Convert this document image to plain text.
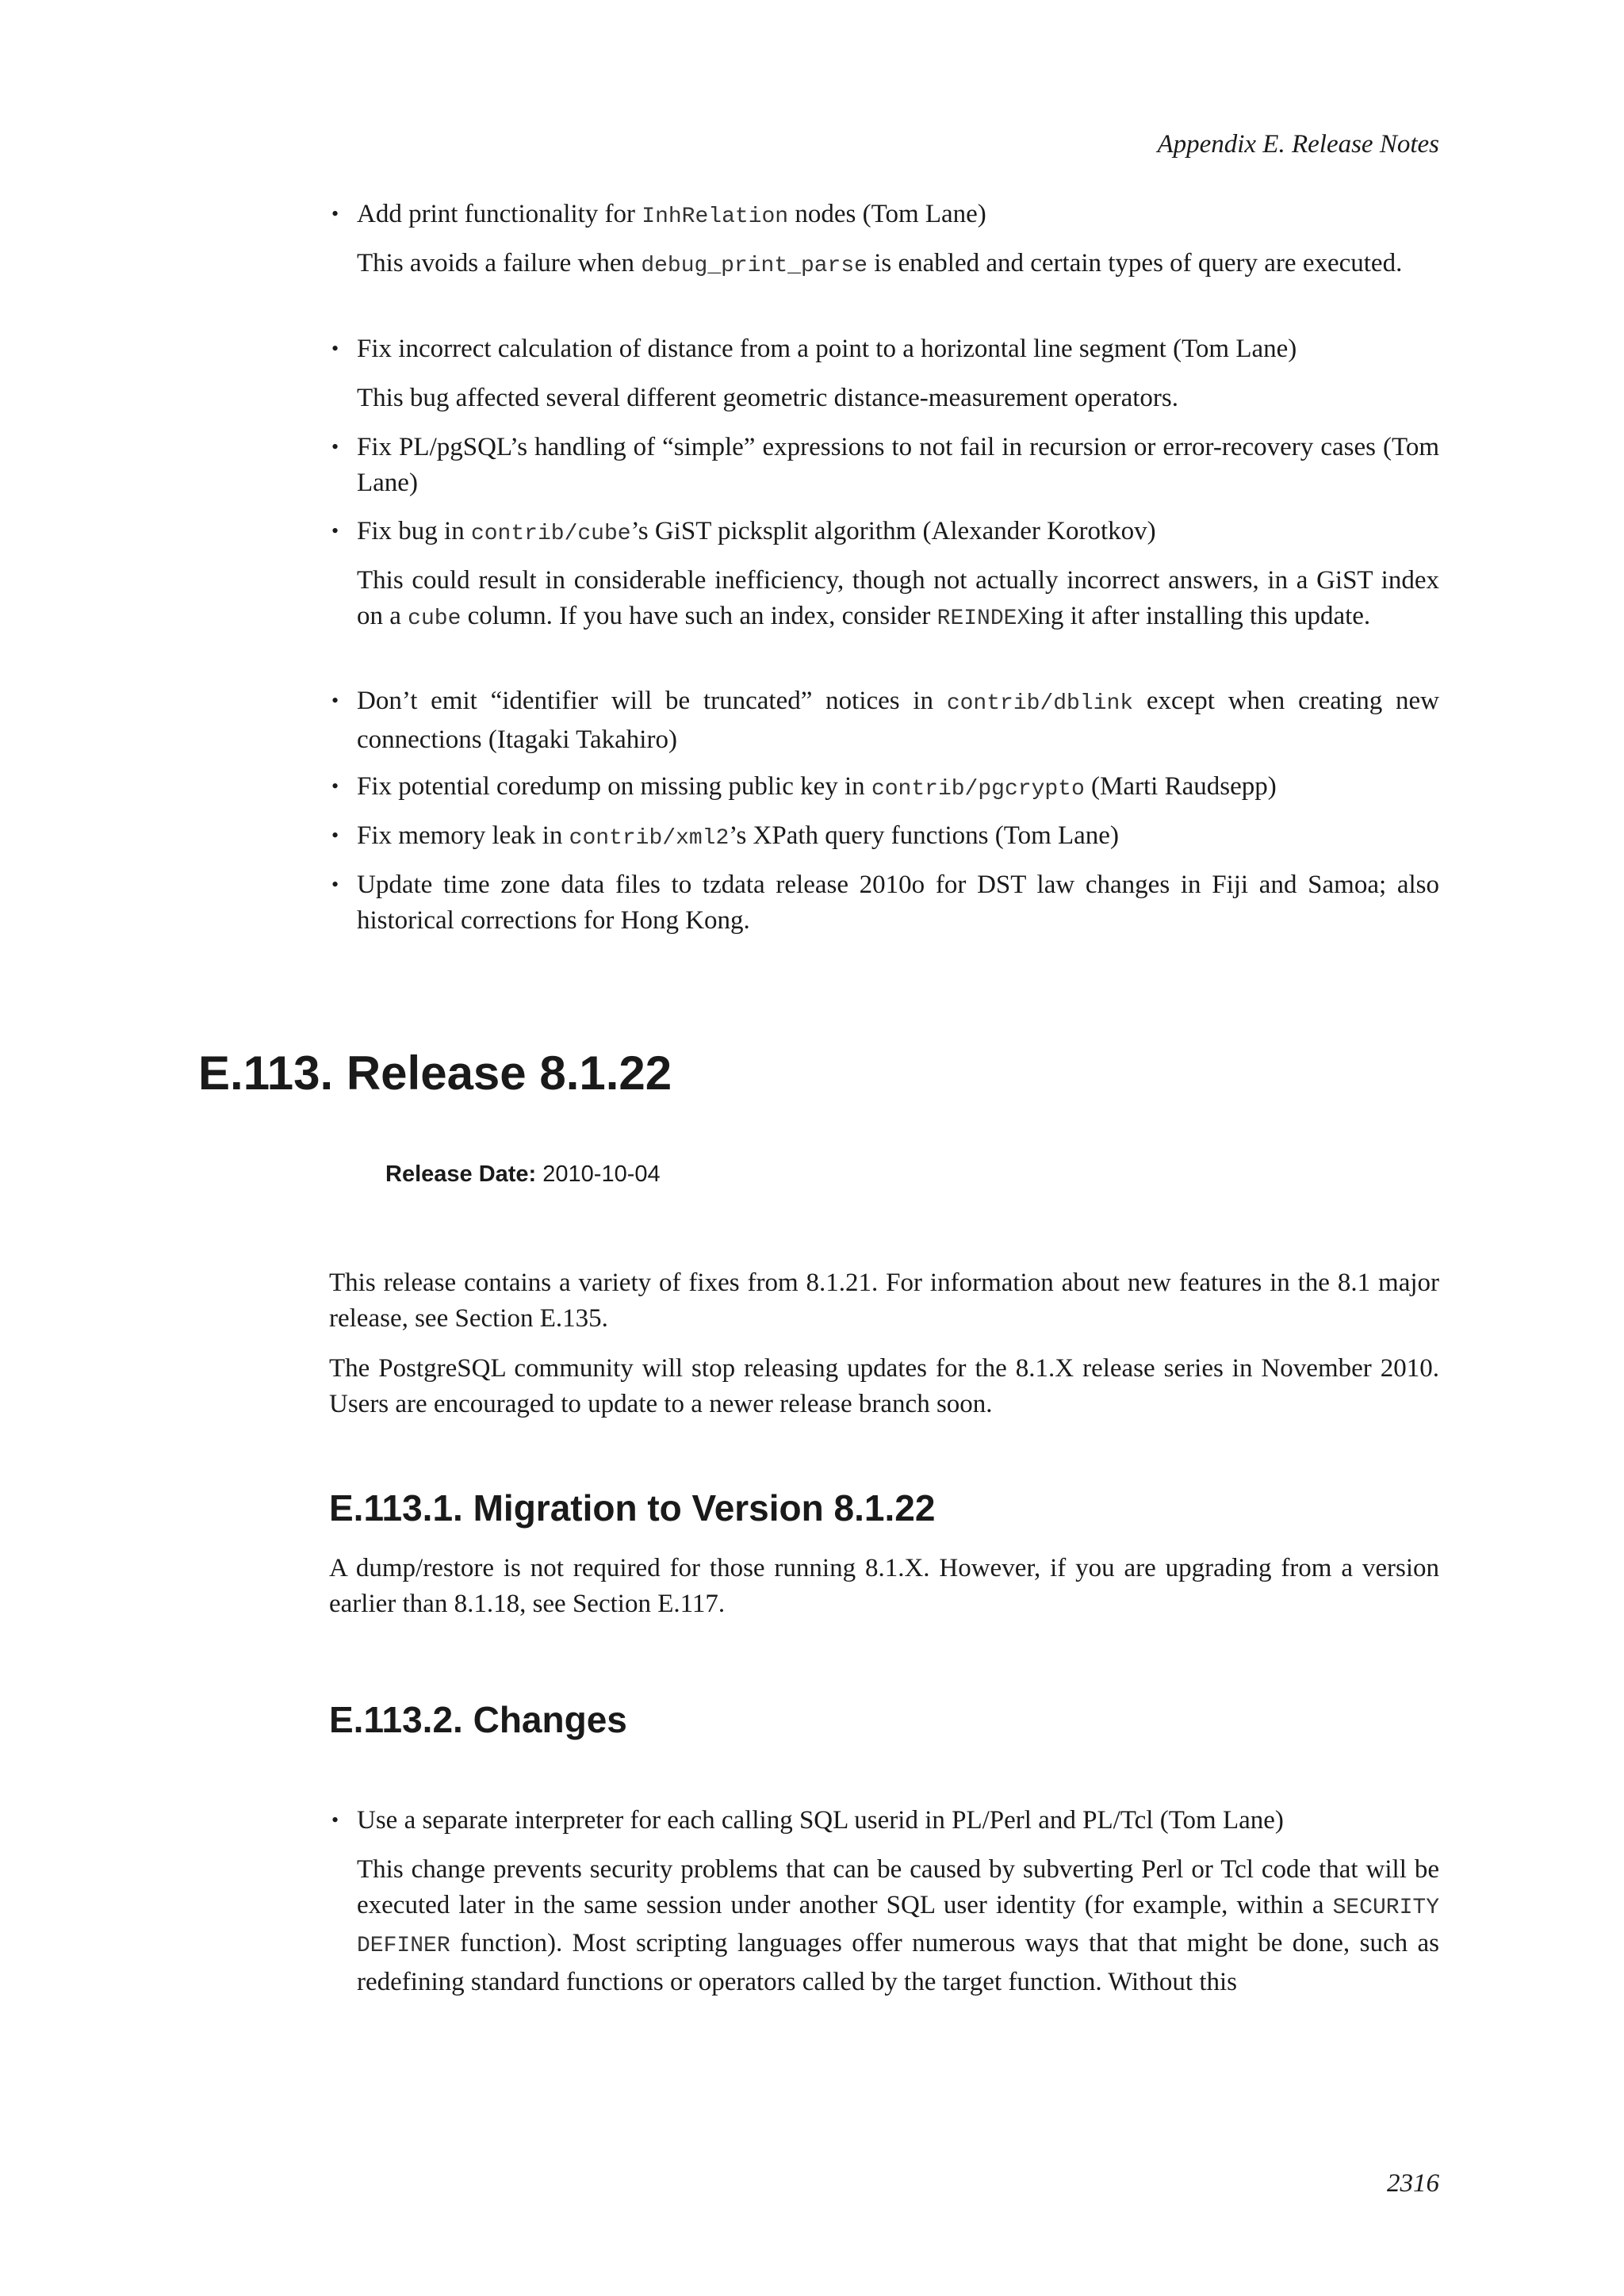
Appendix E. Release Notes

• Add print functionality for InhRelation nodes (Tom Lane)

This avoids a failure when debug_print_parse is enabled and certain types of query are executed.

• Fix incorrect calculation of distance from a point to a horizontal line segment (Tom Lane)

This bug affected several different geometric distance-measurement operators.

• Fix PL/pgSQL’s handling of “simple” expressions to not fail in recursion or error-recovery cases (Tom Lane)

• Fix bug in contrib/cube’s GiST picksplit algorithm (Alexander Korotkov)

This could result in considerable inefficiency, though not actually incorrect answers, in a GiST index on a cube column. If you have such an index, consider REINDEXing it after installing this update.

• Don’t emit “identifier will be truncated” notices in contrib/dblink except when creating new connections (Itagaki Takahiro)

• Fix potential coredump on missing public key in contrib/pgcrypto (Marti Raudsepp)

• Fix memory leak in contrib/xml2’s XPath query functions (Tom Lane)

• Update time zone data files to tzdata release 2010o for DST law changes in Fiji and Samoa; also historical corrections for Hong Kong.

E.113. Release 8.1.22
Release Date: 2010-10-04

This release contains a variety of fixes from 8.1.21. For information about new features in the 8.1 major release, see Section E.135.

The PostgreSQL community will stop releasing updates for the 8.1.X release series in November 2010. Users are encouraged to update to a newer release branch soon.

E.113.1. Migration to Version 8.1.22

A dump/restore is not required for those running 8.1.X. However, if you are upgrading from a version earlier than 8.1.18, see Section E.117.

E.113.2. Changes

• Use a separate interpreter for each calling SQL userid in PL/Perl and PL/Tcl (Tom Lane)

This change prevents security problems that can be caused by subverting Perl or Tcl code that will be executed later in the same session under another SQL user identity (for example, within a SECURITY DEFINER function). Most scripting languages offer numerous ways that that might be done, such as redefining standard functions or operators called by the target function. Without this

2316
